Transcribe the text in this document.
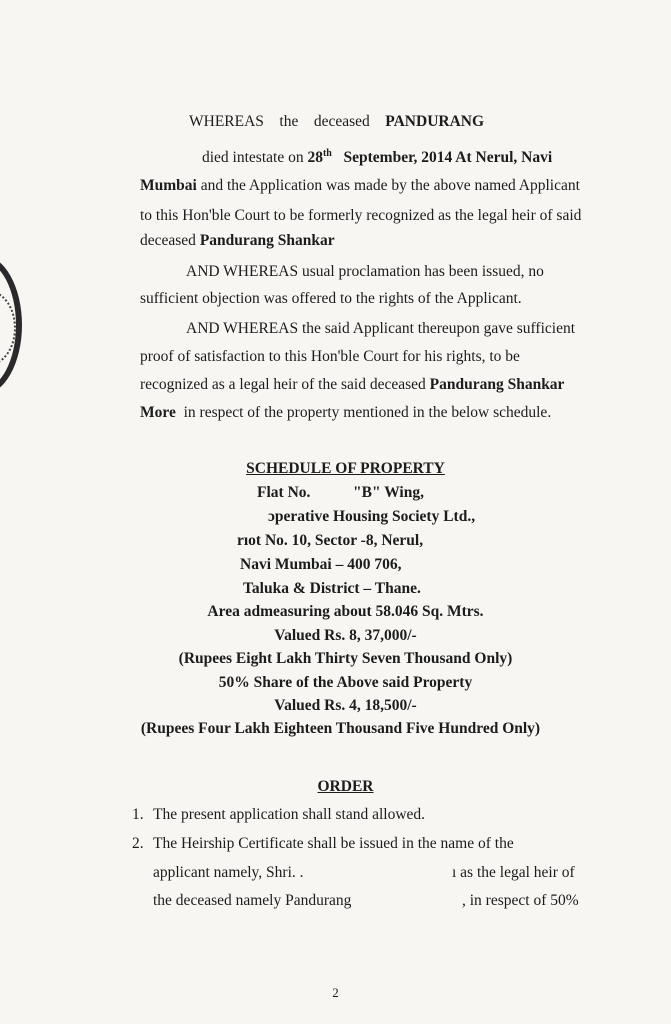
WHEREAS the deceased PANDURANG
died intestate on 28th September, 2014 At Nerul, Navi
Mumbai and the Application was made by the above named Applicant
to this Hon'ble Court to be formerly recognized as the legal heir of said
deceased Pandurang Shankar
AND WHEREAS usual proclamation has been issued, no
sufficient objection was offered to the rights of the Applicant.
AND WHEREAS the said Applicant thereupon gave sufficient
proof of satisfaction to this Hon'ble Court for his rights, to be
recognized as a legal heir of the said deceased Pandurang Shankar
More in respect of the property mentioned in the below schedule.
SCHEDULE OF PROPERTY
Flat No.	"B" Wing,
ɔperative Housing Society Ltd.,
rıot No. 10, Sector -8, Nerul,
Navi Mumbai – 400 706,
Taluka & District – Thane.
Area admeasuring about 58.046 Sq. Mtrs.
Valued Rs. 8, 37,000/-
(Rupees Eight Lakh Thirty Seven Thousand Only)
50% Share of the Above said Property
Valued Rs. 4, 18,500/-
(Rupees Four Lakh Eighteen Thousand Five Hundred Only)
ORDER
1. The present application shall stand allowed.
2. The Heirship Certificate shall be issued in the name of the
applicant namely, Shri. .	ı as the legal heir of
the deceased namely Pandurang	, in respect of 50%
2
